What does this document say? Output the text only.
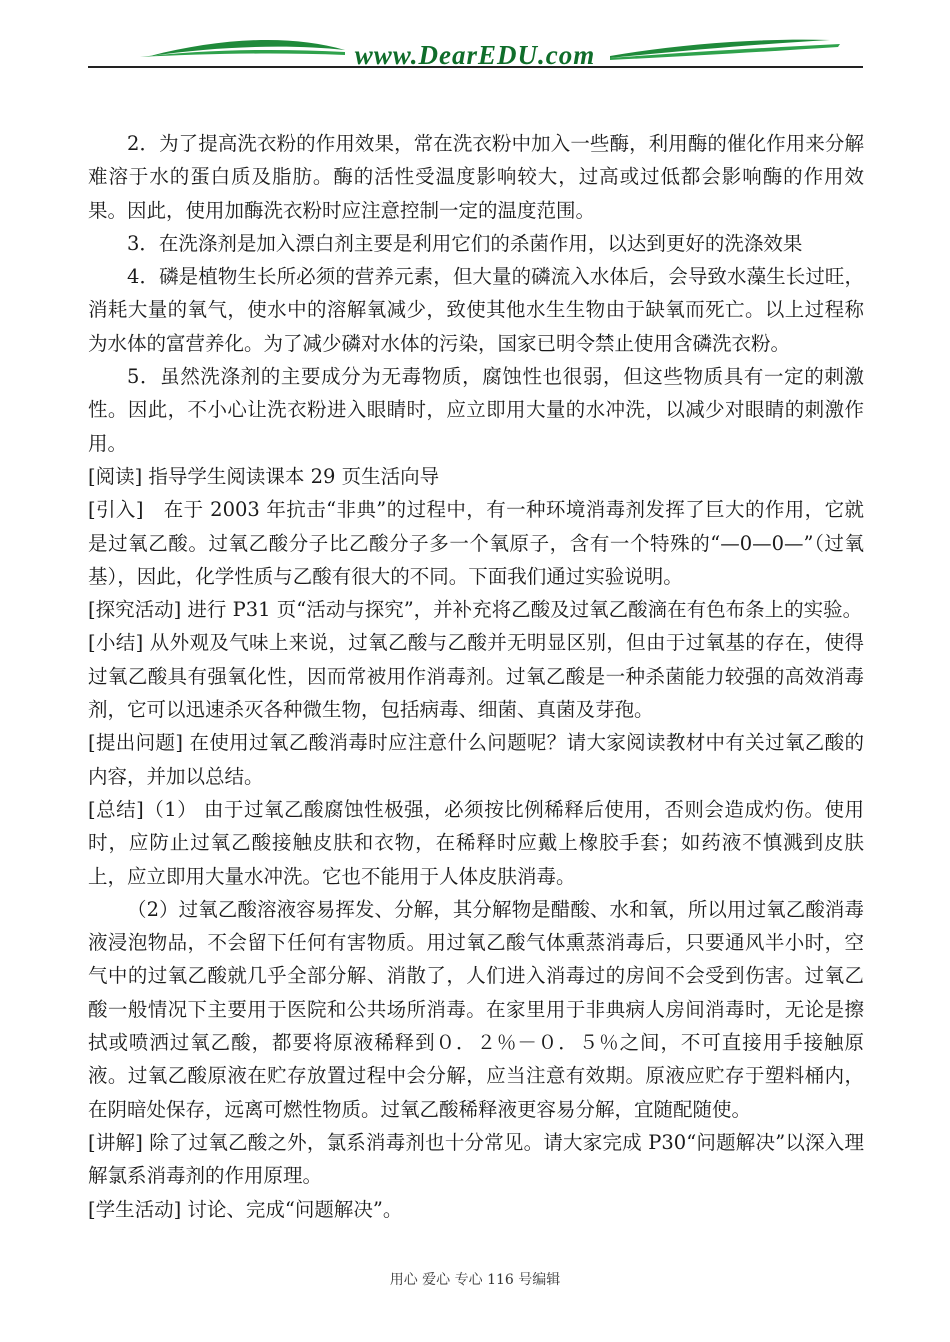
www.DearEDU.com

2．为了提高洗衣粉的作用效果，常在洗衣粉中加入一些酶，利用酶的催化作用来分解难溶于水的蛋白质及脂肪。酶的活性受温度影响较大，过高或过低都会影响酶的作用效果。因此，使用加酶洗衣粉时应注意控制一定的温度范围。

3．在洗涤剂是加入漂白剂主要是利用它们的杀菌作用，以达到更好的洗涤效果

4．磷是植物生长所必须的营养元素，但大量的磷流入水体后，会导致水藻生长过旺，消耗大量的氧气，使水中的溶解氧减少，致使其他水生生物由于缺氧而死亡。以上过程称为水体的富营养化。为了减少磷对水体的污染，国家已明令禁止使用含磷洗衣粉。

5．虽然洗涤剂的主要成分为无毒物质，腐蚀性也很弱，但这些物质具有一定的刺激性。因此，不小心让洗衣粉进入眼睛时，应立即用大量的水冲洗，以减少对眼睛的刺激作用。

[阅读] 指导学生阅读课本 29 页生活向导

[引入]　在于 2003 年抗击“非典”的过程中，有一种环境消毒剂发挥了巨大的作用，它就是过氧乙酸。过氧乙酸分子比乙酸分子多一个氧原子，含有一个特殊的“—0—0—”（过氧基），因此，化学性质与乙酸有很大的不同。下面我们通过实验说明。

[探究活动] 进行 P31 页“活动与探究”，并补充将乙酸及过氧乙酸滴在有色布条上的实验。

[小结] 从外观及气味上来说，过氧乙酸与乙酸并无明显区别，但由于过氧基的存在，使得过氧乙酸具有强氧化性，因而常被用作消毒剂。过氧乙酸是一种杀菌能力较强的高效消毒剂，它可以迅速杀灭各种微生物，包括病毒、细菌、真菌及芽孢。

[提出问题] 在使用过氧乙酸消毒时应注意什么问题呢？请大家阅读教材中有关过氧乙酸的内容，并加以总结。

[总结]（1） 由于过氧乙酸腐蚀性极强，必须按比例稀释后使用，否则会造成灼伤。使用时，应防止过氧乙酸接触皮肤和衣物，在稀释时应戴上橡胶手套；如药液不慎溅到皮肤上，应立即用大量水冲洗。它也不能用于人体皮肤消毒。

（2）过氧乙酸溶液容易挥发、分解，其分解物是醋酸、水和氧，所以用过氧乙酸消毒液浸泡物品，不会留下任何有害物质。用过氧乙酸气体熏蒸消毒后，只要通风半小时，空气中的过氧乙酸就几乎全部分解、消散了，人们进入消毒过的房间不会受到伤害。过氧乙酸一般情况下主要用于医院和公共场所消毒。在家里用于非典病人房间消毒时，无论是擦拭或喷洒过氧乙酸，都要将原液稀释到０．２％－０．５％之间，不可直接用手接触原液。过氧乙酸原液在贮存放置过程中会分解，应当注意有效期。原液应贮存于塑料桶内，在阴暗处保存，远离可燃性物质。过氧乙酸稀释液更容易分解，宜随配随使。

[讲解] 除了过氧乙酸之外，氯系消毒剂也十分常见。请大家完成 P30“问题解决”以深入理解氯系消毒剂的作用原理。

[学生活动] 讨论、完成“问题解决”。

用心 爱心 专心 116 号编辑
